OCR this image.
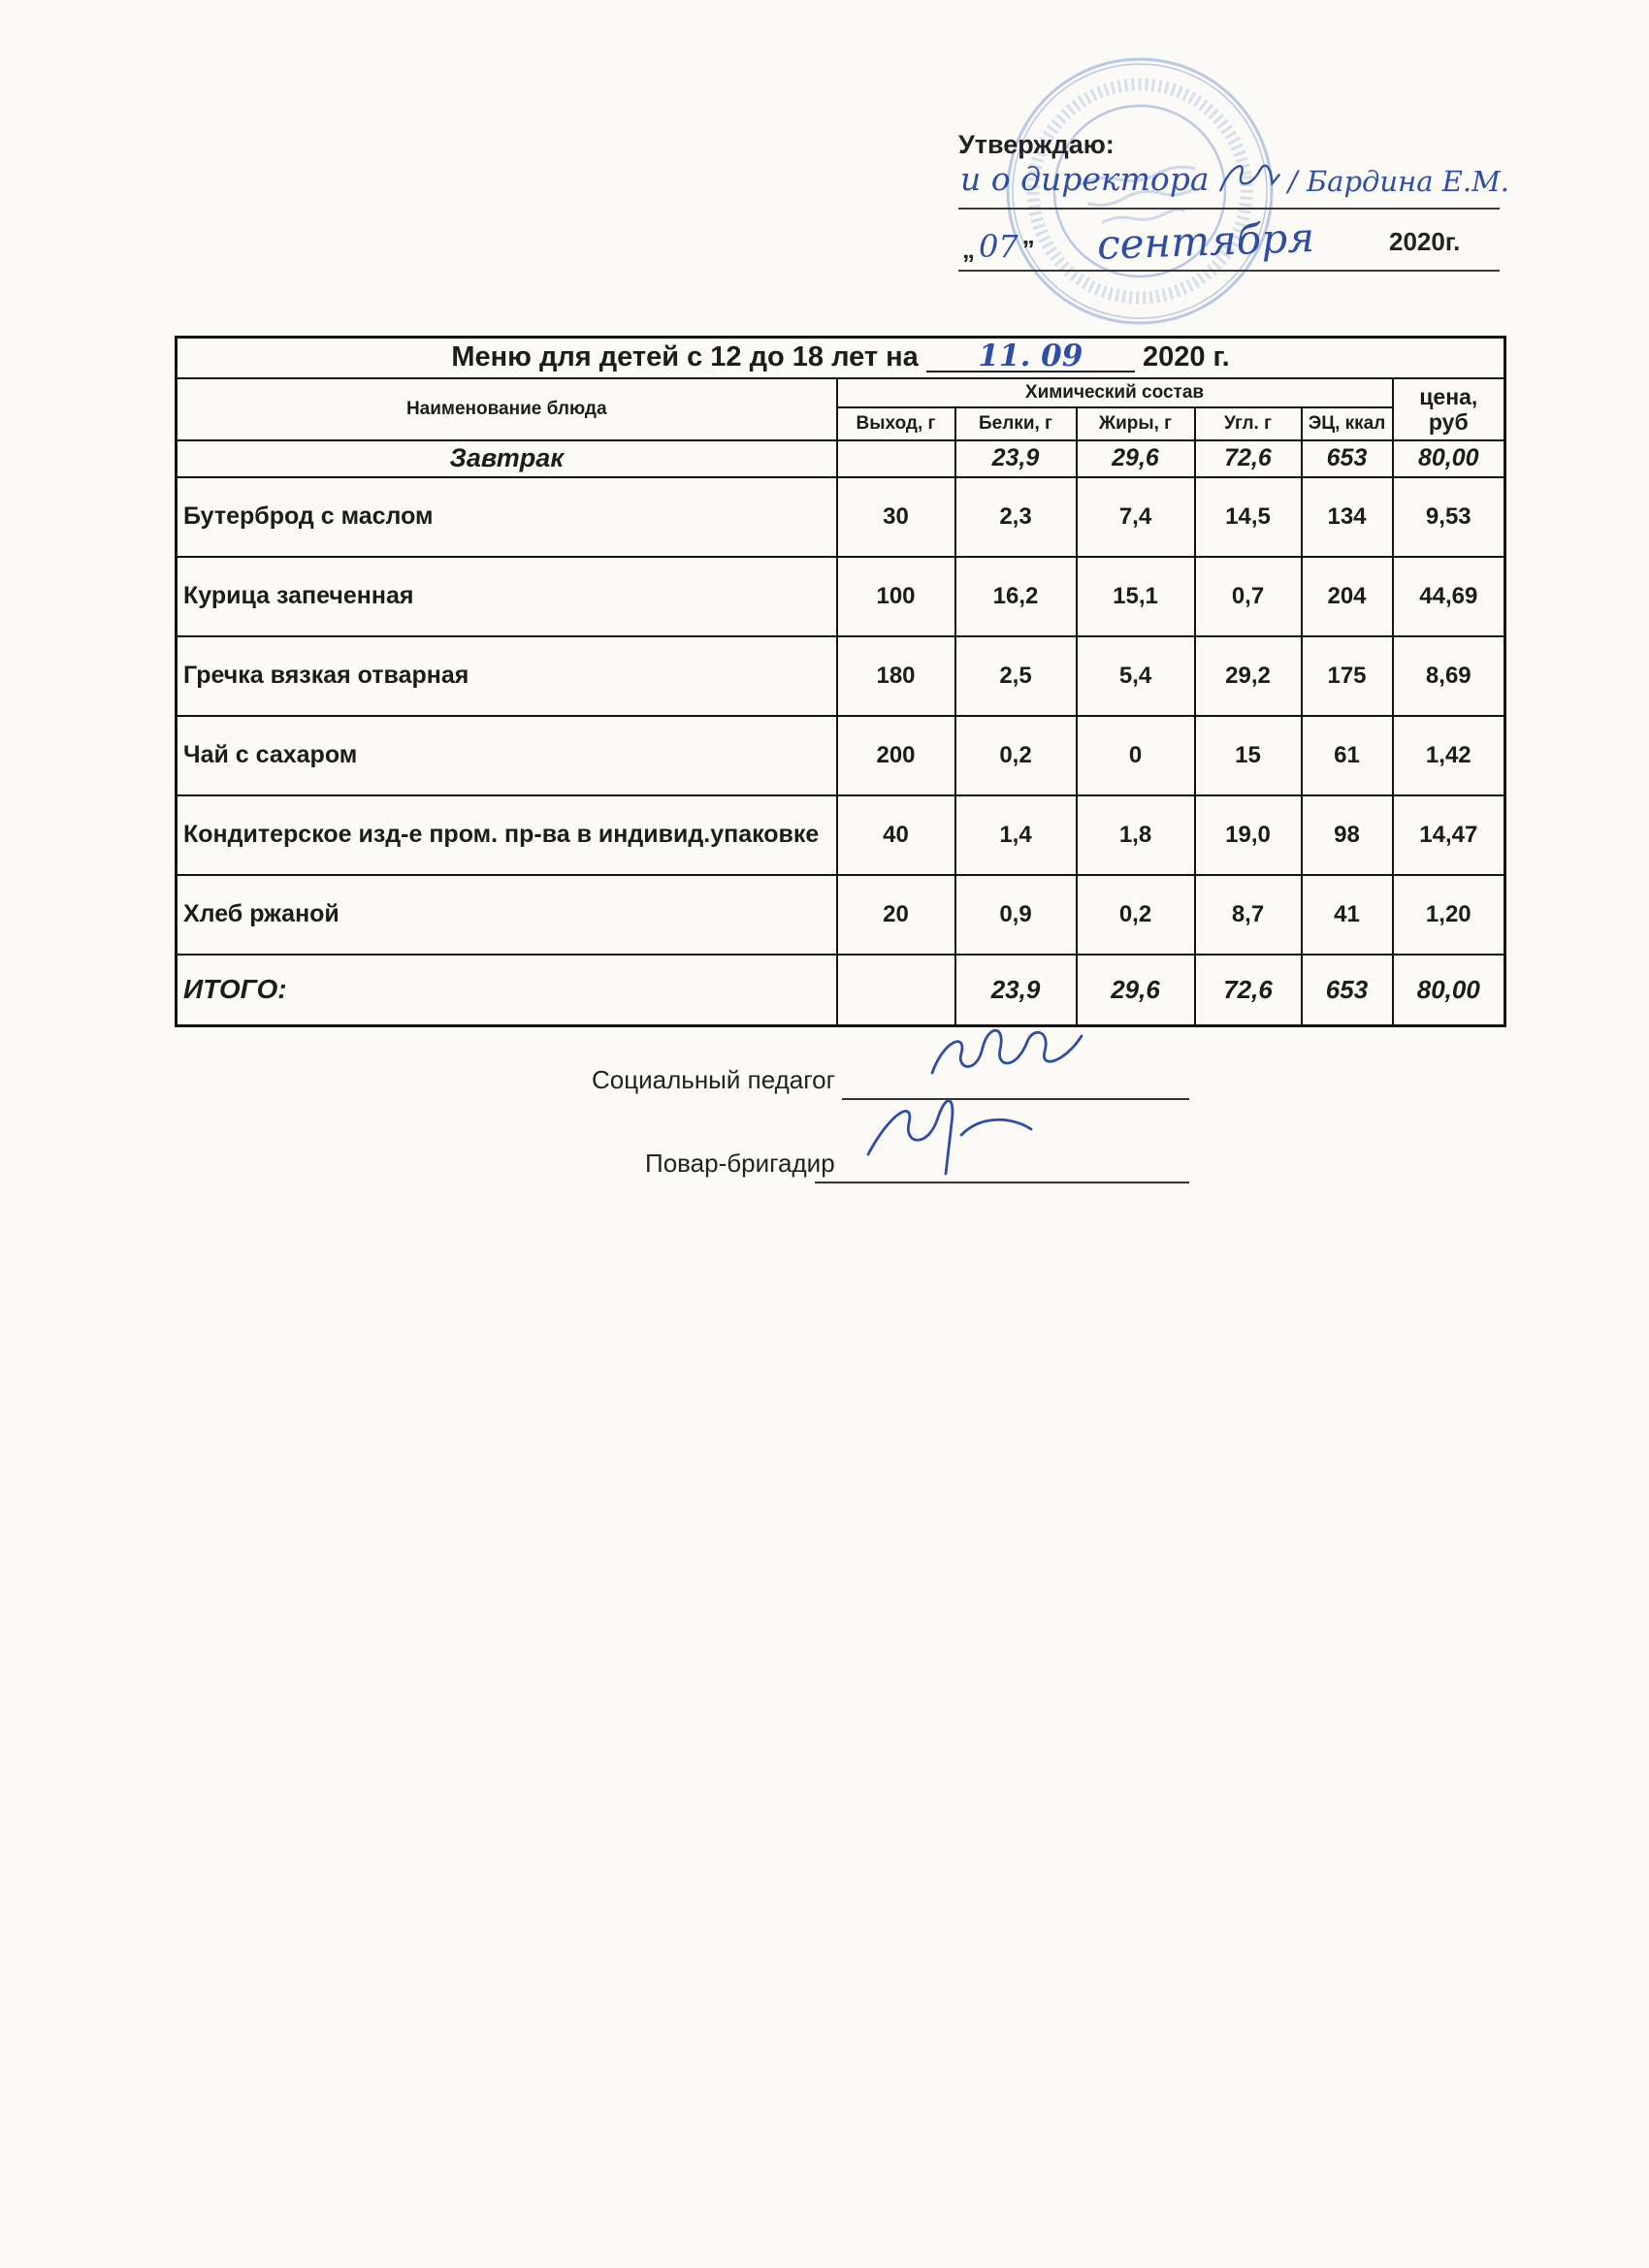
Утверждаю:
и о директора	/ Бардина Е.М.
„ 07 ” сентября	2020г.
Меню для детей с 12 до 18 лет на 11. 09 2020 г.						
Наименование блюда	Химический состав					цена,
руб

	Выход, г	Белки, г	Жиры, г	Угл. г	ЭЦ, ккал	
Завтрак		23,9	29,6	72,6	653	80,00
Бутерброд с маслом	30	2,3	7,4	14,5	134	9,53
Курица запеченная	100	16,2	15,1	0,7	204	44,69
Гречка вязкая отварная	180	2,5	5,4	29,2	175	8,69
Чай с сахаром	200	0,2	0	15	61	1,42
Кондитерское изд-е пром. пр-ва в индивид.упаковке	40	1,4	1,8	19,0	98	14,47
Хлеб ржаной	20	0,9	0,2	8,7	41	1,20
ИТОГО:		23,9	29,6	72,6	653	80,00
Социальный педагог
Повар-бригадир
